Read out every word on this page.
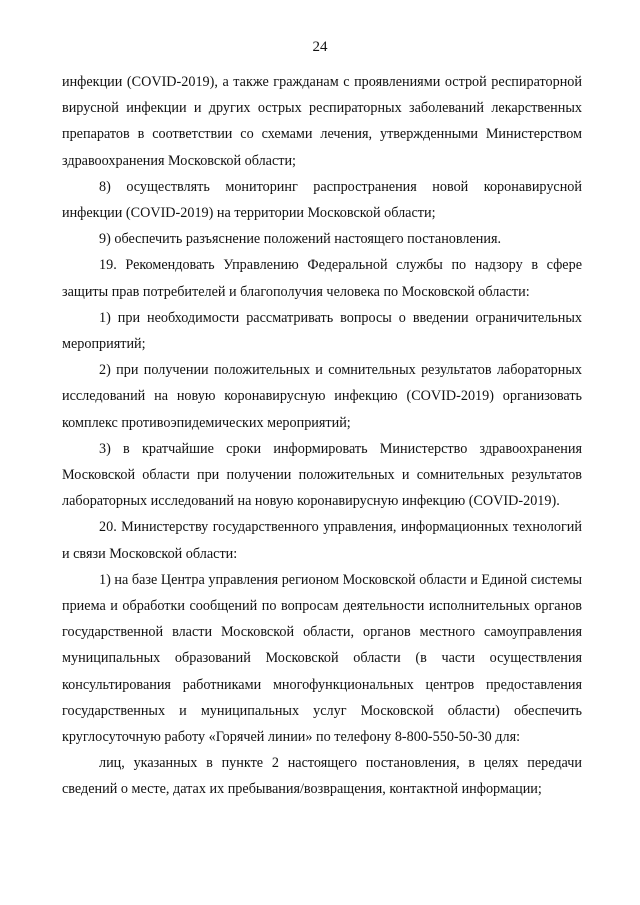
24

инфекции (COVID-2019), а также гражданам с проявлениями острой респираторной вирусной инфекции и других острых респираторных заболеваний лекарственных препаратов в соответствии со схемами лечения, утвержденными Министерством здравоохранения Московской области;

8) осуществлять мониторинг распространения новой коронавирусной инфекции (COVID-2019) на территории Московской области;

9) обеспечить разъяснение положений настоящего постановления.

19. Рекомендовать Управлению Федеральной службы по надзору в сфере защиты прав потребителей и благополучия человека по Московской области:

1) при необходимости рассматривать вопросы о введении ограничительных мероприятий;

2) при получении положительных и сомнительных результатов лабораторных исследований на новую коронавирусную инфекцию (COVID-2019) организовать комплекс противоэпидемических мероприятий;

3) в кратчайшие сроки информировать Министерство здравоохранения Московской области при получении положительных и сомнительных результатов лабораторных исследований на новую коронавирусную инфекцию (COVID-2019).

20. Министерству государственного управления, информационных технологий и связи Московской области:

1) на базе Центра управления регионом Московской области и Единой системы приема и обработки сообщений по вопросам деятельности исполнительных органов государственной власти Московской области, органов местного самоуправления муниципальных образований Московской области (в части осуществления консультирования работниками многофункциональных центров предоставления государственных и муниципальных услуг Московской области) обеспечить круглосуточную работу «Горячей линии» по телефону 8-800-550-50-30 для:

лиц, указанных в пункте 2 настоящего постановления, в целях передачи сведений о месте, датах их пребывания/возвращения, контактной информации;
